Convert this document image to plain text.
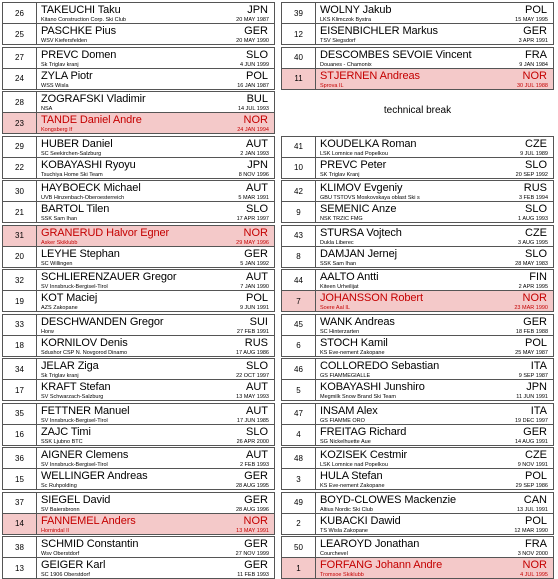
26	TAKEUCHI Taku
Kitano Construction Corp. Ski Club
JPN
20 MAY 1987
25	PASCHKE Pius
WSV Kiefersfelden
GER
20 MAY 1990
27	PREVC Domen
Sk Triglav kranj
SLO
4 JUN 1999
24	ZYLA Piotr
WSS Wisla
POL
16 JAN 1987
28	ZOGRAFSKI Vladimir
NSA
BUL
14 JUL 1993
23	TANDE Daniel Andre
Kongsberg If
NOR
24 JAN 1994
29	HUBER Daniel
SC Seekirchen-Salzburg
AUT
2 JAN 1993
22	KOBAYASHI Ryoyu
Tsuchiya Home Ski Team
JPN
8 NOV 1996
30	HAYBOECK Michael
UVB Hinzenbach-Oberoesterreich
AUT
5 MAR 1991
21	BARTOL Tilen
SSK Sam Ihan
SLO
17 APR 1997
31	GRANERUD Halvor Egner
Asker Skiklubb
NOR
29 MAY 1996
20	LEYHE Stephan
SC Willingen
GER
5 JAN 1992
32	SCHLIERENZAUER Gregor
SV Innsbruck-Bergisel-Tirol
AUT
7 JAN 1990
19	KOT Maciej
AZS Zakopane
POL
9 JUN 1991
33	DESCHWANDEN Gregor
Horw
SUI
27 FEB 1991
18	KORNILOV Denis
Sdushor CSP N. Novgorod Dinamo
RUS
17 AUG 1986
34	JELAR Ziga
Sk Triglav kranj
SLO
22 OCT 1997
17	KRAFT Stefan
SV Schwarzach-Salzburg
AUT
13 MAY 1993
35	FETTNER Manuel
SV Innsbruck-Bergisel-Tirol
AUT
17 JUN 1985
16	ZAJC Timi
SSK Ljubno BTC
SLO
26 APR 2000
36	AIGNER Clemens
SV Innsbruck-Bergisel-Tirol
AUT
2 FEB 1993
15	WELLINGER Andreas
Sc Ruhpolding
GER
28 AUG 1995
37	SIEGEL David
SV Baiersbronn
GER
28 AUG 1996
14	FANNEMEL Anders
Hornindal Il
NOR
13 MAY 1991
38	SCHMID Constantin
Wsv Oberstdorf
GER
27 NOV 1999
13	GEIGER Karl
SC 1906 Oberstdorf
GER
11 FEB 1993
39	WOLNY Jakub
LKS Klimczok Bystra
POL
15 MAY 1995
12	EISENBICHLER Markus
TSV Siegsdorf
GER
3 APR 1991
40	DESCOMBES SEVOIE Vincent
Douanes - Chamonix
FRA
9 JAN 1984
11	STJERNEN Andreas
Sprova IL
NOR
30 JUL 1988
technical break
41	KOUDELKA Roman
LSK Lomnice nad Popelkou
CZE
9 JUL 1989
10	PREVC Peter
SK Triglav Kranj
SLO
20 SEP 1992
42	KLIMOV Evgeniy
GBU TSTOVS Moskovskaya oblast Ski s
RUS
3 FEB 1994
9	SEMENIC Anze
NSK TRZIC FMG
SLO
1 AUG 1993
43	STURSA Vojtech
Dukla Liberec
CZE
3 AUG 1995
8	DAMJAN Jernej
SSK Sam Ihan
SLO
28 MAY 1983
44	AALTO Antti
Kiteen Urheilijat
FIN
2 APR 1995
7	JOHANSSON Robert
Soere Aal IL
NOR
23 MAR 1990
45	WANK Andreas
SC Hinterzarten
GER
18 FEB 1988
6	STOCH Kamil
KS Eve-nement Zakopane
POL
25 MAY 1987
46	COLLOREDO Sebastian
GS FIAMMEGIALLE
ITA
9 SEP 1987
5	KOBAYASHI Junshiro
Megmilk Snow Brand Ski Team
JPN
11 JUN 1991
47	INSAM Alex
GS FIAMME ORO
ITA
19 DEC 1997
4	FREITAG Richard
SG Nickelhuette Aue
GER
14 AUG 1991
48	KOZISEK Cestmir
LSK Lomnice nad Popelkou
CZE
9 NOV 1991
3	HULA Stefan
KS Eve-nement Zakopane
POL
29 SEP 1986
49	BOYD-CLOWES Mackenzie
Altius Nordic Ski Club
CAN
13 JUL 1991
2	KUBACKI Dawid
TS Wisla Zakopane
POL
12 MAR 1990
50	LEAROYD Jonathan
Courchevel
FRA
3 NOV 2000
1	FORFANG Johann Andre
Tromsoe Skiklubb
NOR
4 JUL 1995
